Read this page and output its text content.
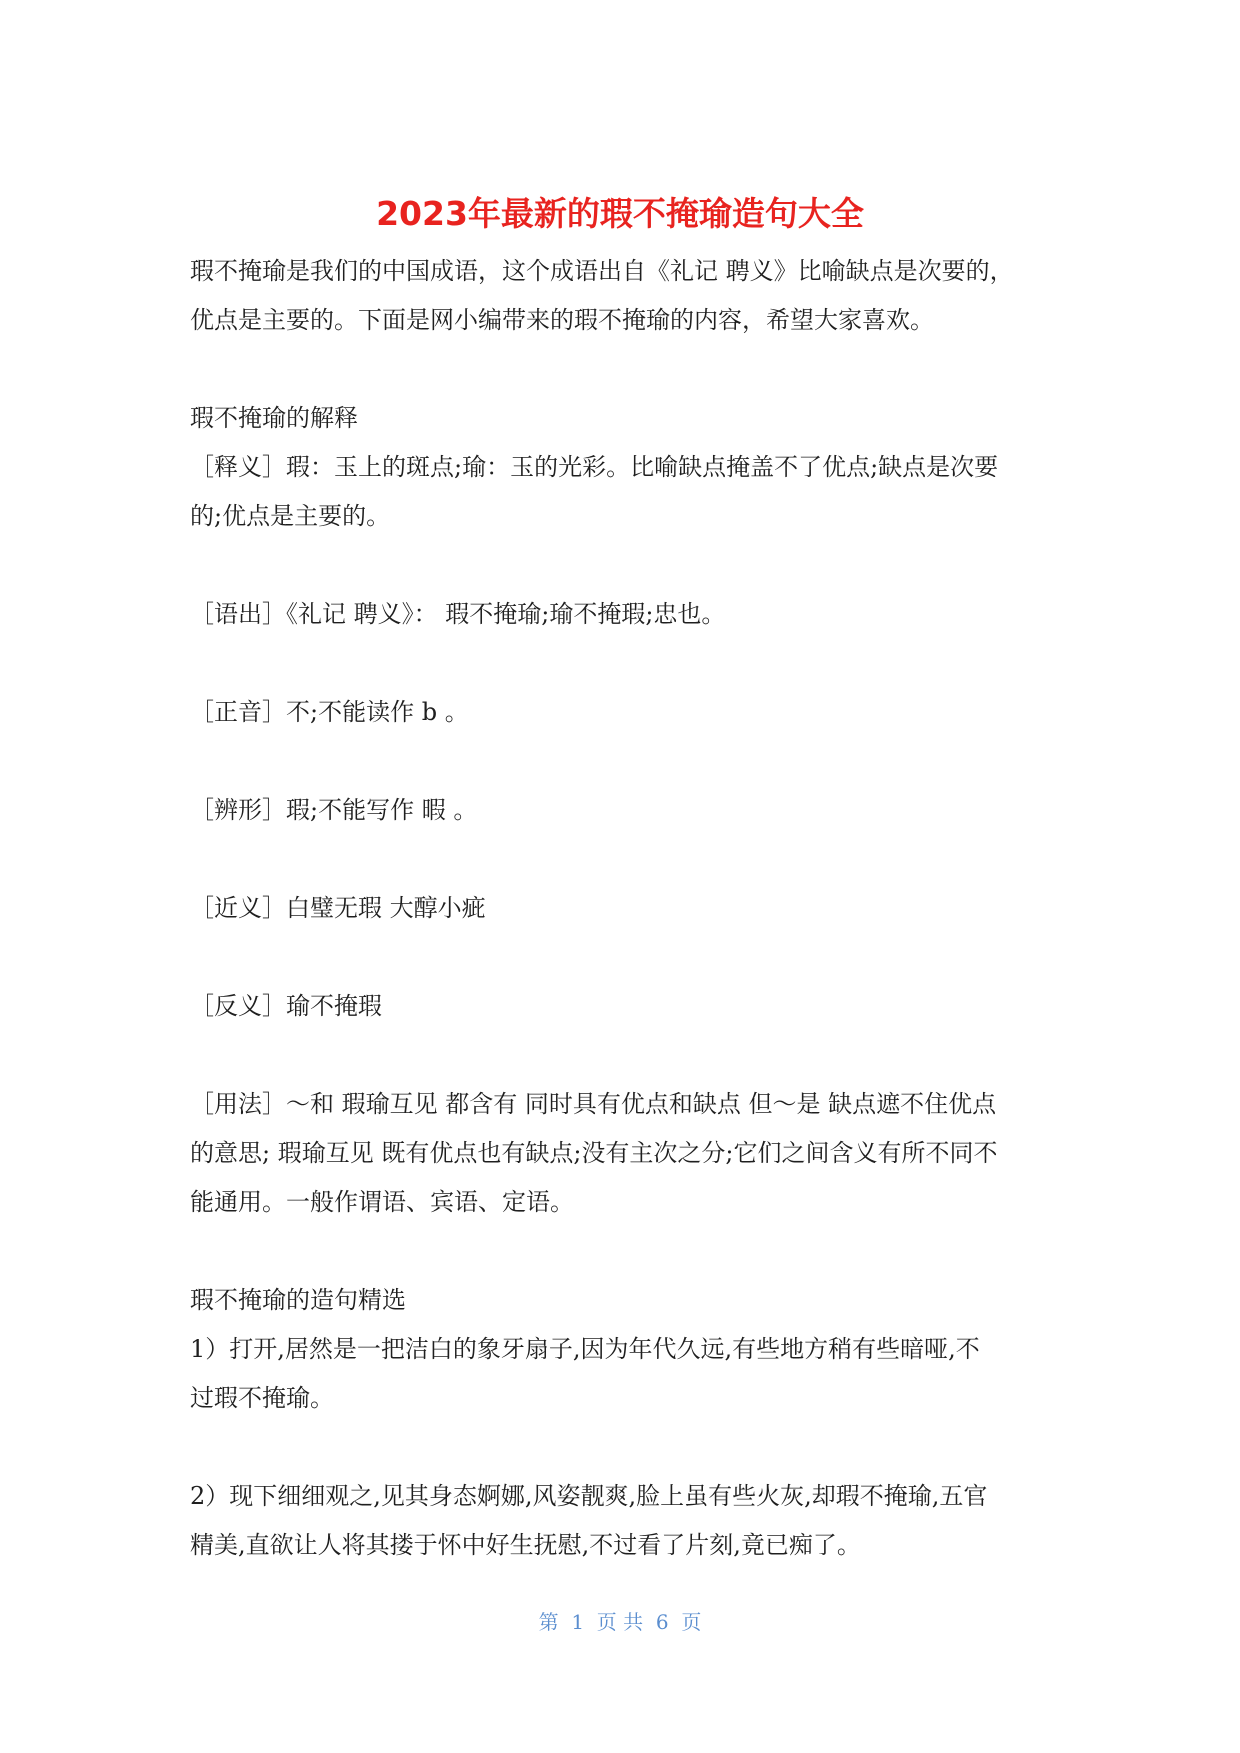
2023年最新的瑕不掩瑜造句大全
瑕不掩瑜是我们的中国成语，这个成语出自《礼记 聘义》比喻缺点是次要的，
优点是主要的。下面是网小编带来的瑕不掩瑜的内容，希望大家喜欢。
瑕不掩瑜的解释
［释义］瑕：玉上的斑点;瑜：玉的光彩。比喻缺点掩盖不了优点;缺点是次要
的;优点是主要的。
［语出］《礼记 聘义》： 瑕不掩瑜;瑜不掩瑕;忠也。
［正音］不;不能读作 b 。
［辨形］瑕;不能写作 暇 。
［近义］白璧无瑕 大醇小疵
［反义］瑜不掩瑕
［用法］～和 瑕瑜互见 都含有 同时具有优点和缺点 但～是 缺点遮不住优点
的意思; 瑕瑜互见 既有优点也有缺点;没有主次之分;它们之间含义有所不同不
能通用。一般作谓语、宾语、定语。
瑕不掩瑜的造句精选
1）打开,居然是一把洁白的象牙扇子,因为年代久远,有些地方稍有些暗哑,不
过瑕不掩瑜。
2）现下细细观之,见其身态婀娜,风姿靓爽,脸上虽有些火灰,却瑕不掩瑜,五官
精美,直欲让人将其搂于怀中好生抚慰,不过看了片刻,竟已痴了。
第  1  页 共  6  页
